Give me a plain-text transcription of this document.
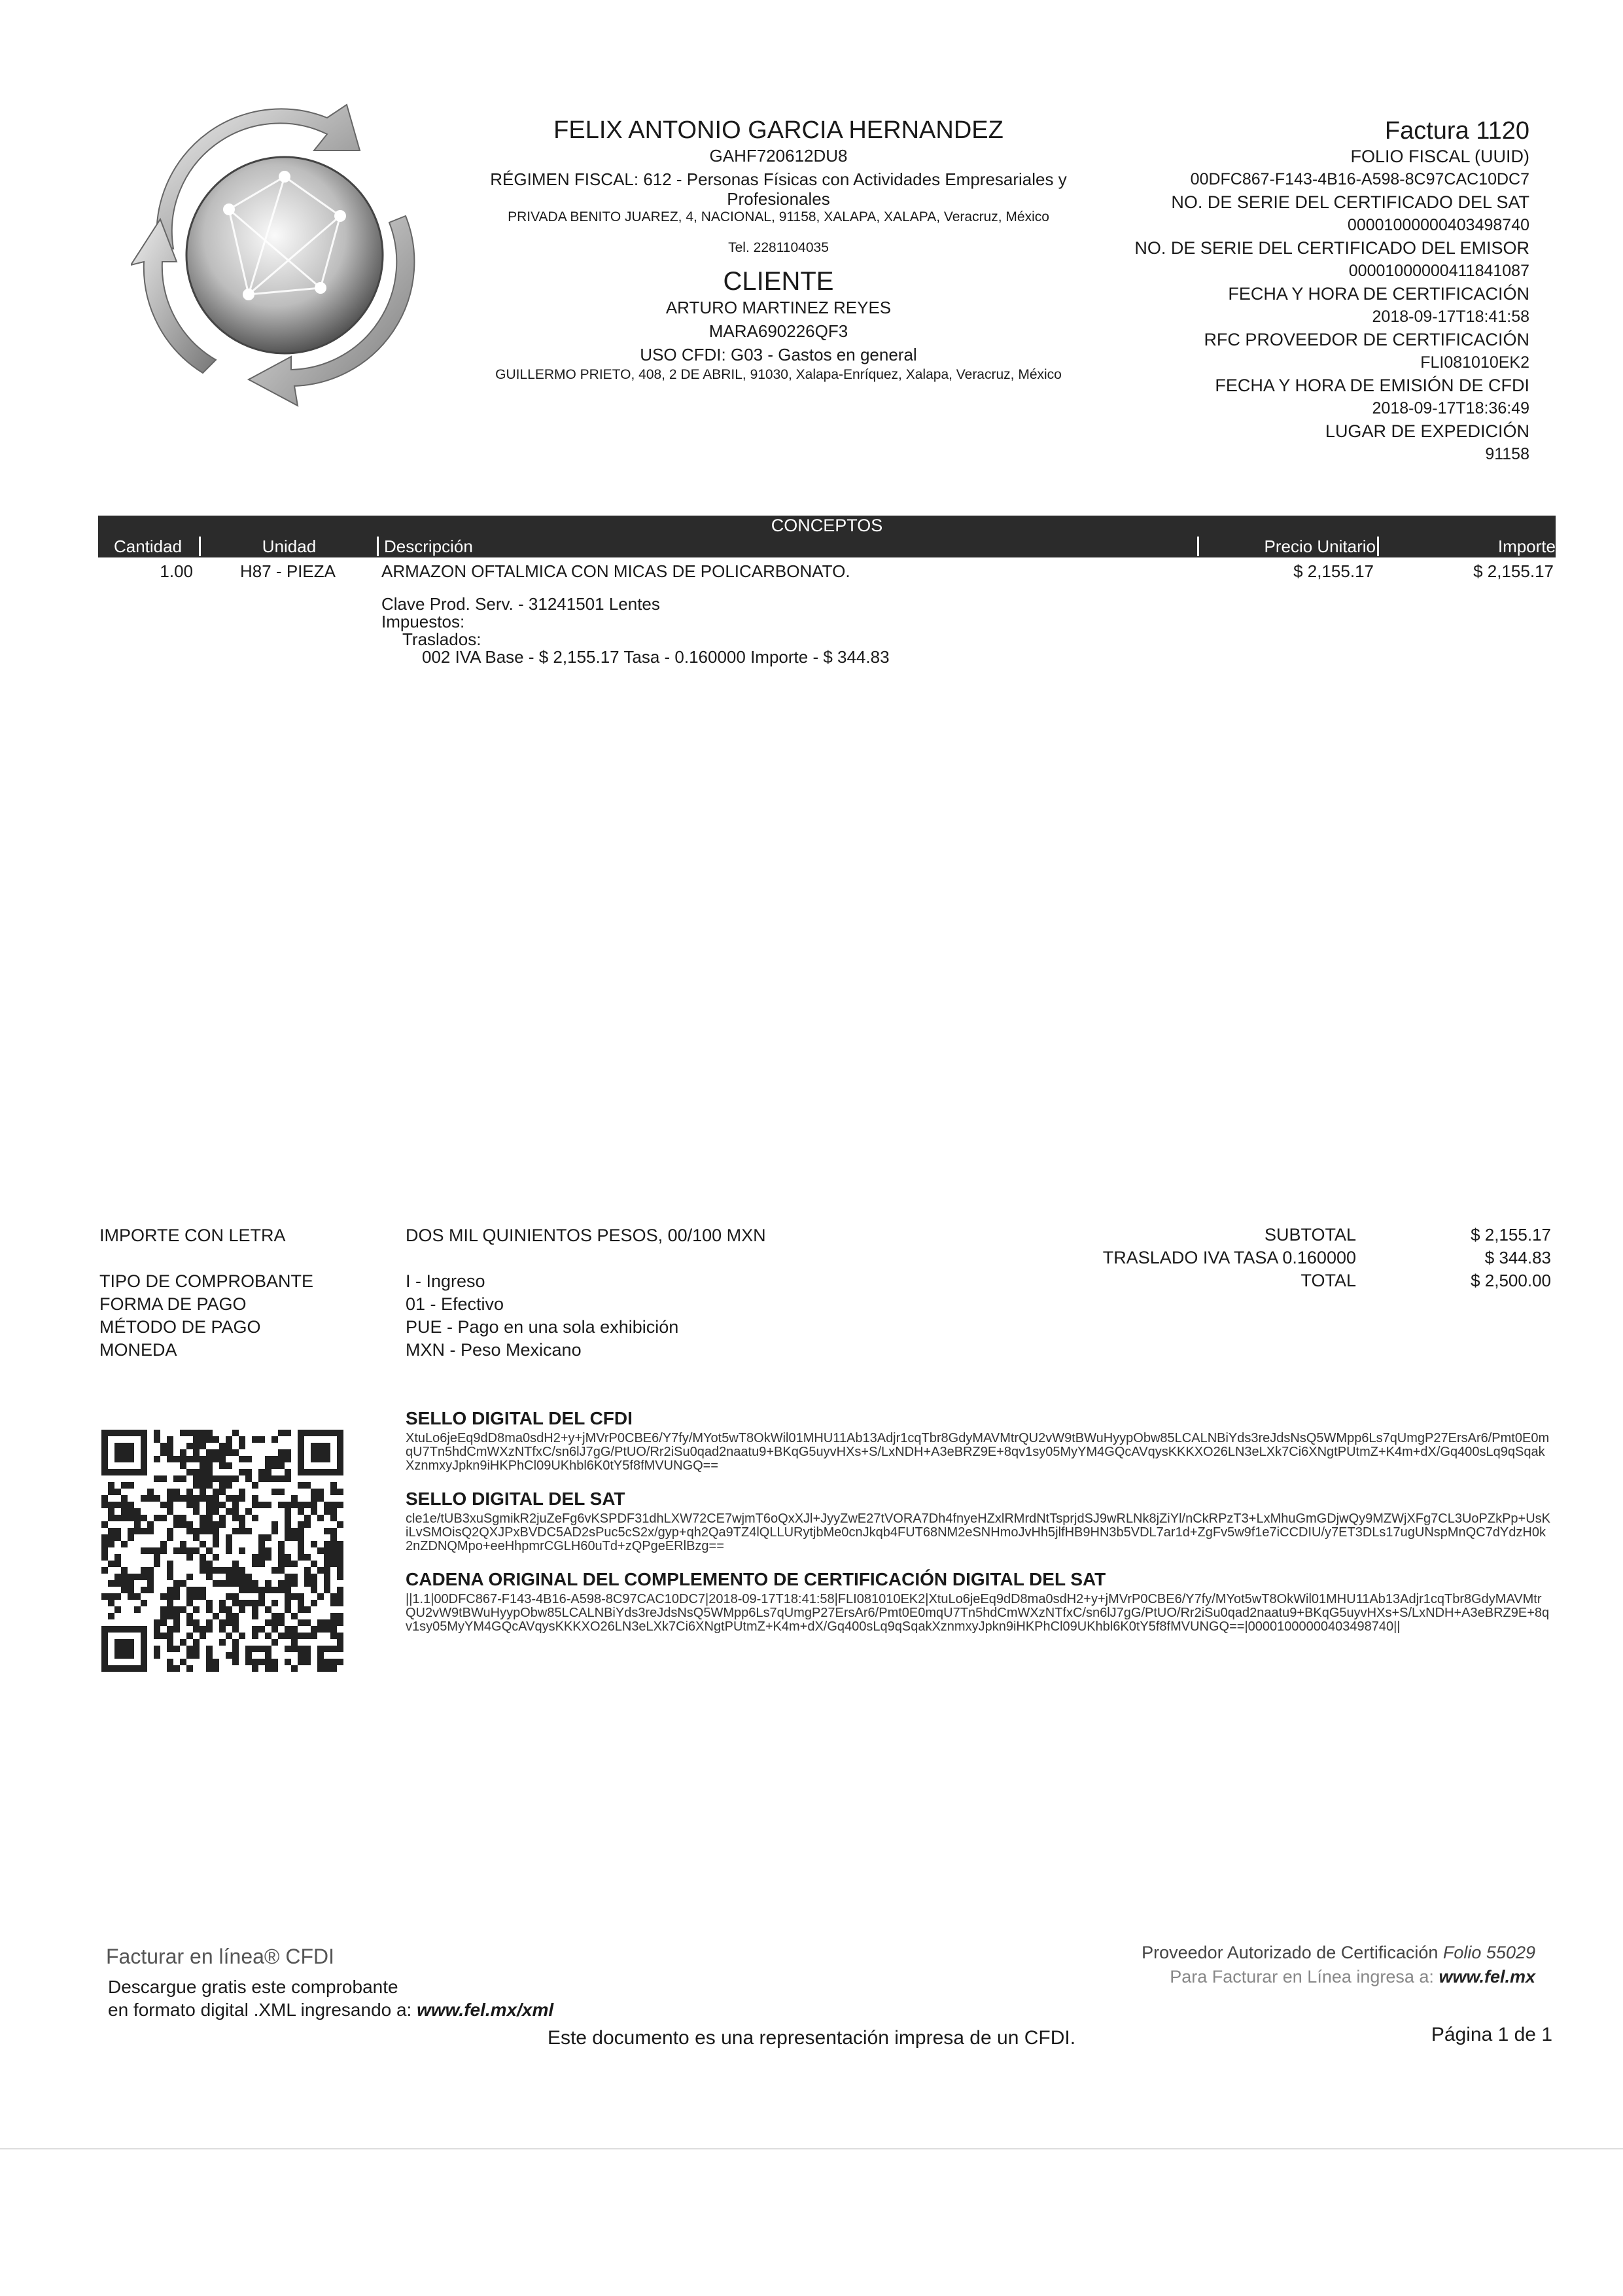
FELIX ANTONIO GARCIA HERNANDEZ
GAHF720612DU8
RÉGIMEN FISCAL: 612 - Personas Físicas con Actividades Empresariales y Profesionales
PRIVADA BENITO JUAREZ, 4, NACIONAL, 91158, XALAPA, XALAPA, Veracruz, México
Tel. 2281104035
CLIENTE
ARTURO MARTINEZ REYES
MARA690226QF3
USO CFDI: G03 - Gastos en general
GUILLERMO PRIETO, 408, 2 DE ABRIL, 91030, Xalapa-Enríquez, Xalapa, Veracruz, México
Factura 1120
FOLIO FISCAL (UUID)
00DFC867-F143-4B16-A598-8C97CAC10DC7
NO. DE SERIE DEL CERTIFICADO DEL SAT
00001000000403498740
NO. DE SERIE DEL CERTIFICADO DEL EMISOR
00001000000411841087
FECHA Y HORA DE CERTIFICACIÓN
2018-09-17T18:41:58
RFC PROVEEDOR DE CERTIFICACIÓN
FLI081010EK2
FECHA Y HORA DE EMISIÓN DE CFDI
2018-09-17T18:36:49
LUGAR DE EXPEDICIÓN
91158
CONCEPTOS
Cantidad	Unidad	Descripción	Precio Unitario	Importe
1.00	H87 - PIEZA	ARMAZON OFTALMICA CON MICAS DE POLICARBONATO.	$ 2,155.17	$ 2,155.17
Clave Prod. Serv. - 31241501 Lentes
Impuestos:
Traslados:
002 IVA Base - $ 2,155.17 Tasa - 0.160000 Importe - $ 344.83
IMPORTE CON LETRA	DOS MIL QUINIENTOS PESOS, 00/100 MXN
TIPO DE COMPROBANTE	I - Ingreso
FORMA DE PAGO	01 - Efectivo
MÉTODO DE PAGO	PUE - Pago en una sola exhibición
MONEDA	MXN - Peso Mexicano
SUBTOTAL	$ 2,155.17
TRASLADO IVA TASA 0.160000	$ 344.83
TOTAL	$ 2,500.00
SELLO DIGITAL DEL CFDI
XtuLo6jeEq9dD8ma0sdH2+y+jMVrP0CBE6/Y7fy/MYot5wT8OkWil01MHU11Ab13Adjr1cqTbr8GdyMAVMtrQU2vW9tBWuHyypObw85LCALNBiYds3reJdsNsQ5WMpp6Ls7qUmgP27ErsAr6/Pmt0E0mqU7Tn5hdCmWXzNTfxC/sn6lJ7gG/PtUO/Rr2iSu0qad2naatu9+BKqG5uyvHXs+S/LxNDH+A3eBRZ9E+8qv1sy05MyYM4GQcAVqysKKKXO26LN3eLXk7Ci6XNgtPUtmZ+K4m+dX/Gq400sLq9qSqakXznmxyJpkn9iHKPhCl09UKhbl6K0tY5f8fMVUNGQ==
SELLO DIGITAL DEL SAT
cle1e/tUB3xuSgmikR2juZeFg6vKSPDF31dhLXW72CE7wjmT6oQxXJl+JyyZwE27tVORA7Dh4fnyeHZxlRMrdNtTsprjdSJ9wRLNk8jZiYl/nCkRPzT3+LxMhuGmGDjwQy9MZWjXFg7CL3UoPZkPp+UsKiLvSMOisQ2QXJPxBVDC5AD2sPuc5cS2x/gyp+qh2Qa9TZ4lQLLURytjbMe0cnJkqb4FUT68NM2eSNHmoJvHh5jlfHB9HN3b5VDL7ar1d+ZgFv5w9f1e7iCCDIU/y7ET3DLs17ugUNspMnQC7dYdzH0k2nZDNQMpo+eeHhpmrCGLH60uTd+zQPgeERlBzg==
CADENA ORIGINAL DEL COMPLEMENTO DE CERTIFICACIÓN DIGITAL DEL SAT
||1.1|00DFC867-F143-4B16-A598-8C97CAC10DC7|2018-09-17T18:41:58|FLI081010EK2|XtuLo6jeEq9dD8ma0sdH2+y+jMVrP0CBE6/Y7fy/MYot5wT8OkWil01MHU11Ab13Adjr1cqTbr8GdyMAVMtrQU2vW9tBWuHyypObw85LCALNBiYds3reJdsNsQ5WMpp6Ls7qUmgP27ErsAr6/Pmt0E0mqU7Tn5hdCmWXzNTfxC/sn6lJ7gG/PtUO/Rr2iSu0qad2naatu9+BKqG5uyvHXs+S/LxNDH+A3eBRZ9E+8qv1sy05MyYM4GQcAVqysKKKXO26LN3eLXk7Ci6XNgtPUtmZ+K4m+dX/Gq400sLq9qSqakXznmxyJpkn9iHKPhCl09UKhbl6K0tY5f8fMVUNGQ==|00001000000403498740||
Facturar en línea® CFDI
Descargue gratis este comprobante
en formato digital .XML ingresando a: www.fel.mx/xml
Proveedor Autorizado de Certificación Folio 55029
Para Facturar en Línea ingresa a: www.fel.mx
Este documento es una representación impresa de un CFDI.	Página 1 de 1
